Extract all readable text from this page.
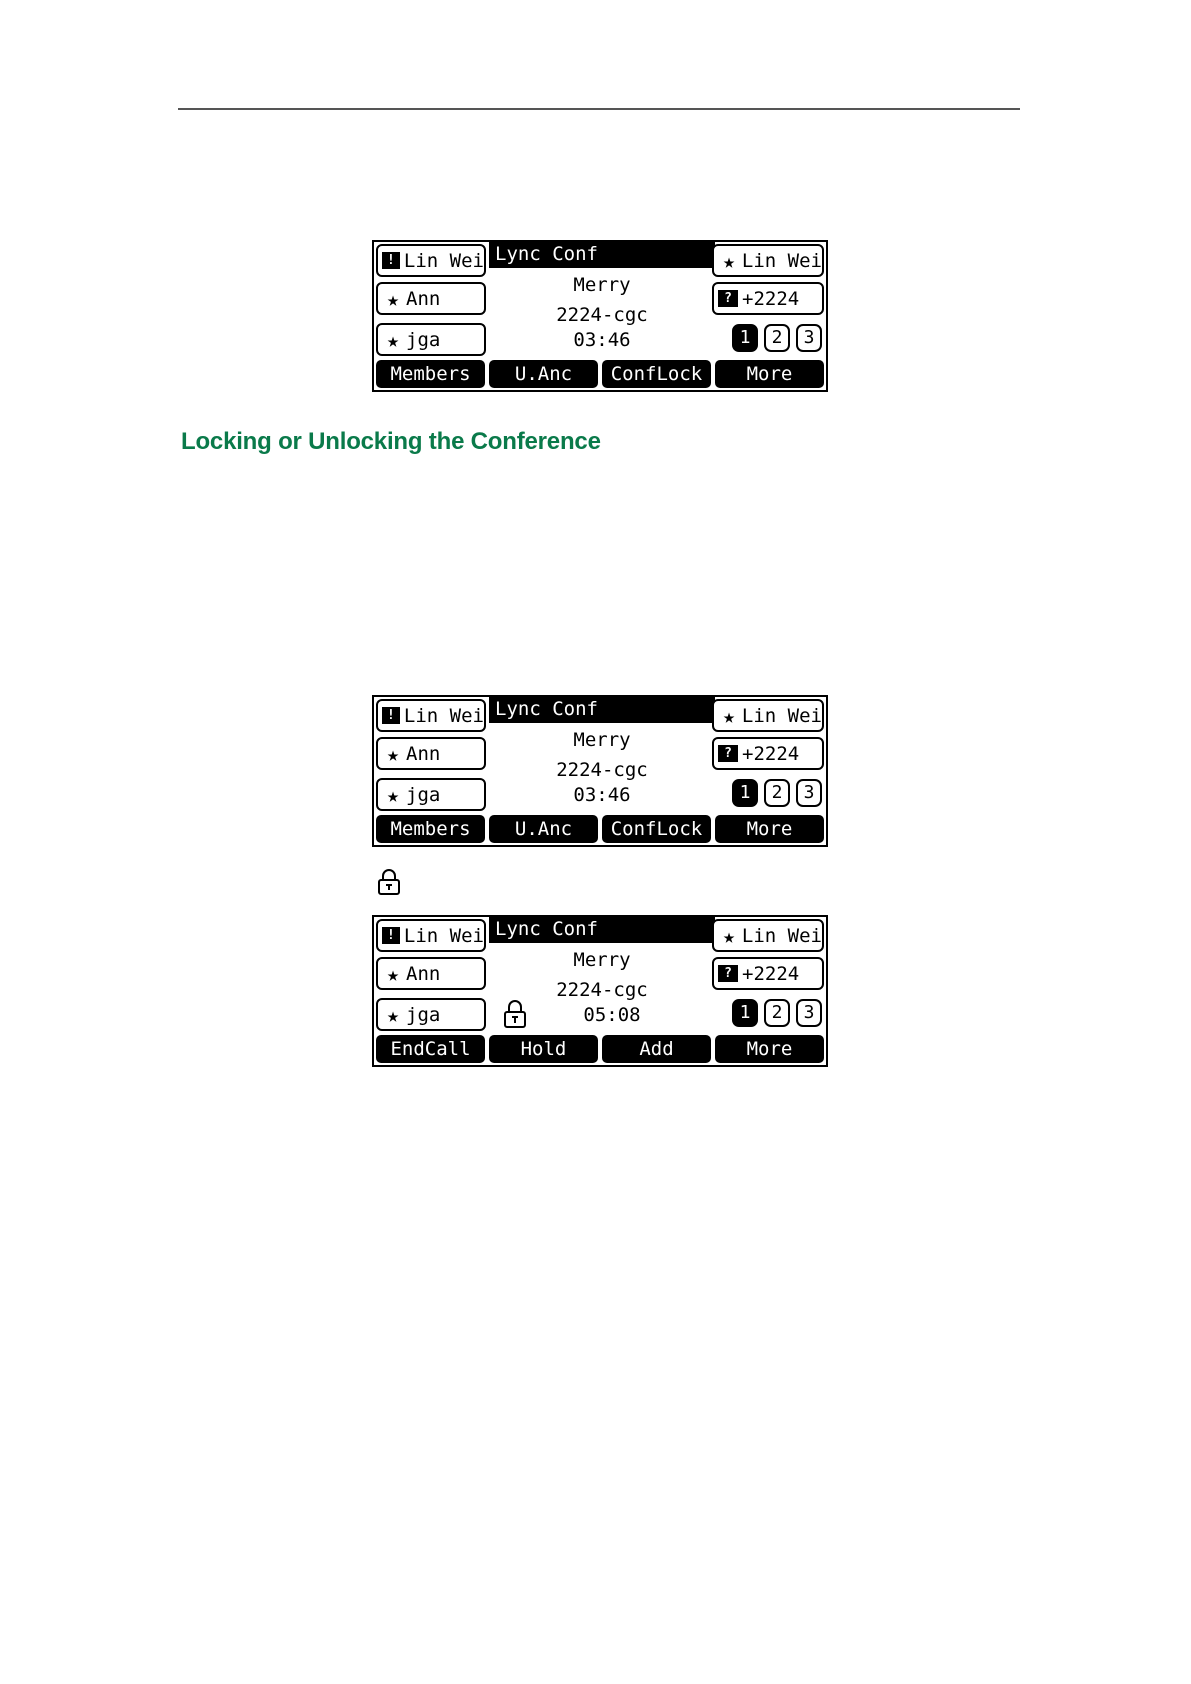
! Lin Wei
★ Ann
★ jga
Lync Conf
Merry
2224-cgc
03:46
★ Lin Wei
? +2224
1	2	3
Members	U.Anc	ConfLock	More
Locking or Unlocking the Conference
! Lin Wei
★ Ann
★ jga
Lync Conf
Merry
2224-cgc
03:46
★ Lin Wei
? +2224
1	2	3
Members	U.Anc	ConfLock	More
! Lin Wei
★ Ann
★ jga
Lync Conf
Merry
2224-cgc
05:08
★ Lin Wei
? +2224
1	2	3
EndCall	Hold	Add	More
